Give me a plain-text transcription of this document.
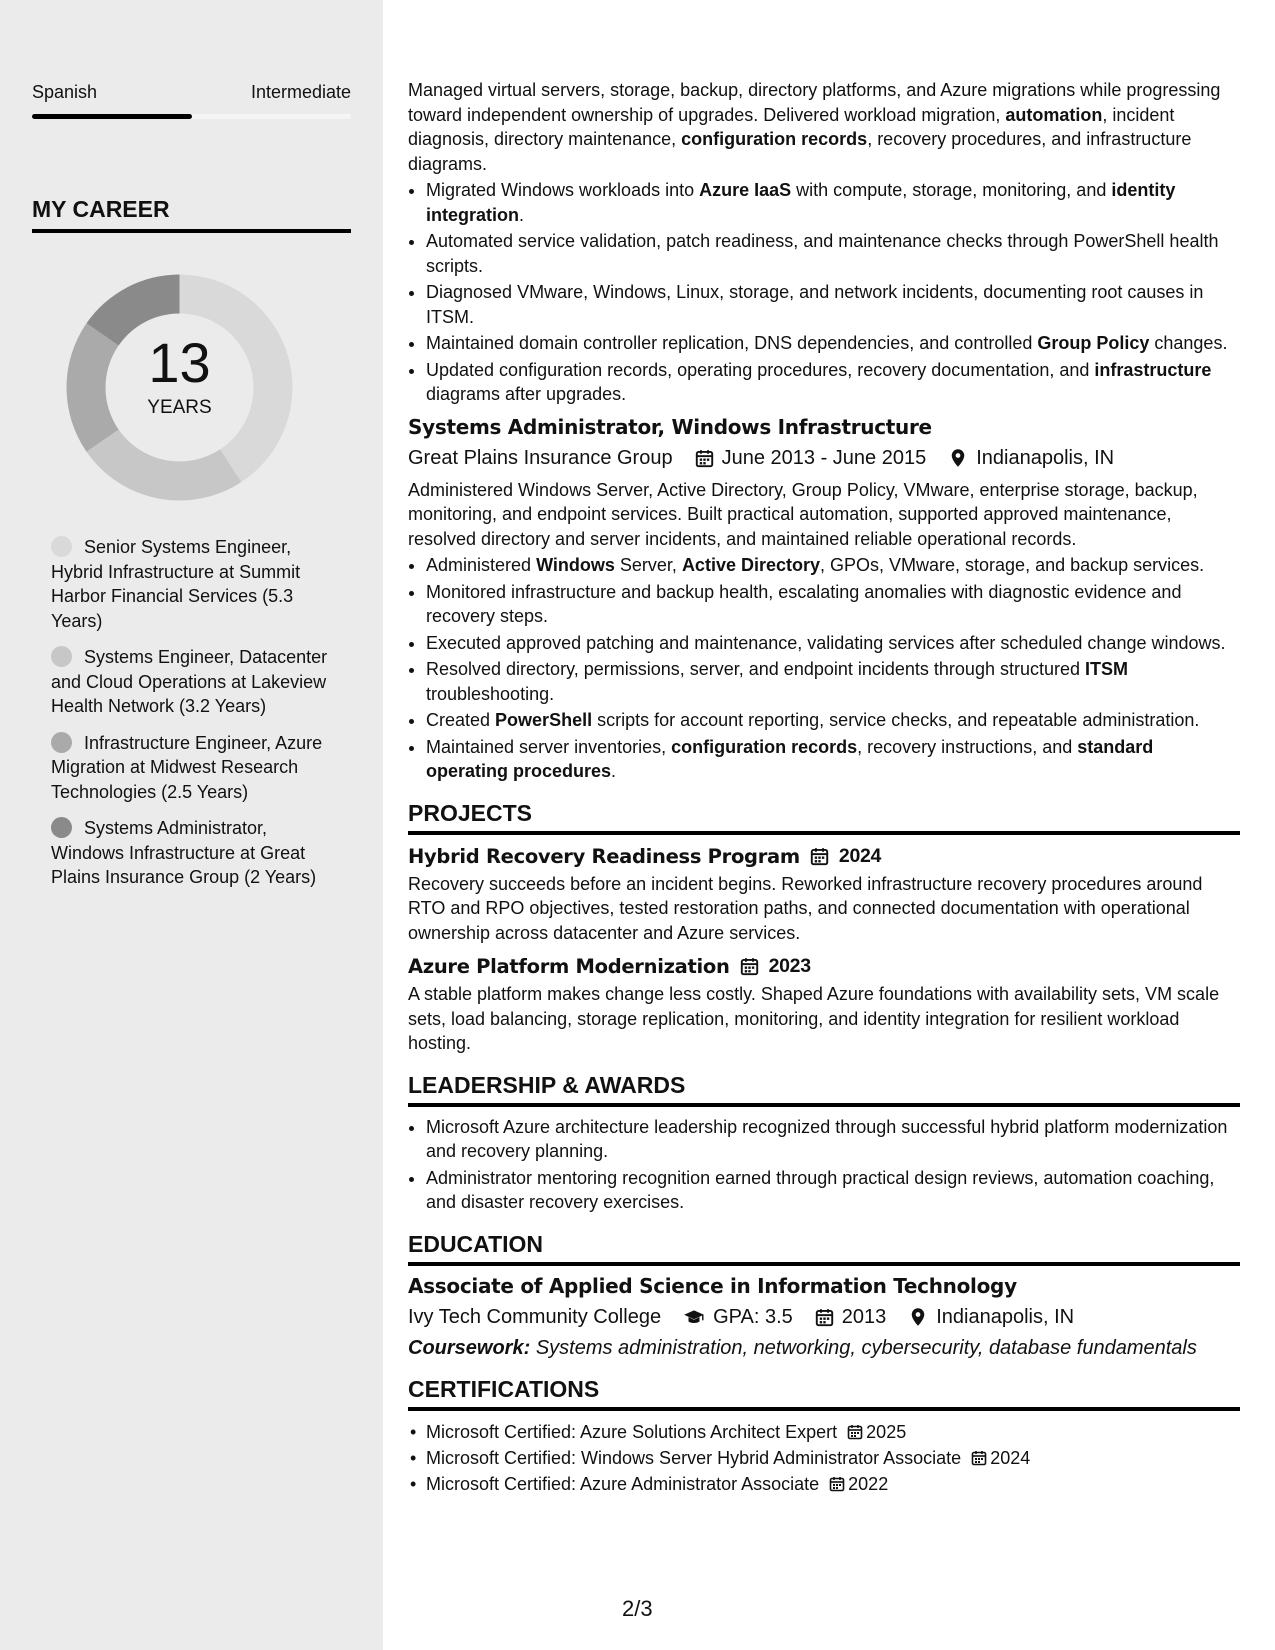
Spanish	Intermediate
MY CAREER
13
YEARS
Senior Systems Engineer, Hybrid Infrastructure at Summit Harbor Financial Services (5.3 Years)
Systems Engineer, Datacenter and Cloud Operations at Lakeview Health Network (3.2 Years)
Infrastructure Engineer, Azure Migration at Midwest Research Technologies (2.5 Years)
Systems Administrator, Windows Infrastructure at Great Plains Insurance Group (2 Years)

Managed virtual servers, storage, backup, directory platforms, and Azure migrations while progressing toward independent ownership of upgrades. Delivered workload migration, automation, incident diagnosis, directory maintenance, configuration records, recovery procedures, and infrastructure diagrams.

• Migrated Windows workloads into Azure IaaS with compute, storage, monitoring, and identity integration.
• Automated service validation, patch readiness, and maintenance checks through PowerShell health scripts.
• Diagnosed VMware, Windows, Linux, storage, and network incidents, documenting root causes in ITSM.
• Maintained domain controller replication, DNS dependencies, and controlled Group Policy changes.
• Updated configuration records, operating procedures, recovery documentation, and infrastructure diagrams after upgrades.
Systems Administrator, Windows Infrastructure
Great Plains Insurance Group June 2013 - June 2015	Indianapolis, IN

Administered Windows Server, Active Directory, Group Policy, VMware, enterprise storage, backup, monitoring, and endpoint services. Built practical automation, supported approved maintenance, resolved directory and server incidents, and maintained reliable operational records.

• Administered Windows Server, Active Directory, GPOs, VMware, storage, and backup services.
• Monitored infrastructure and backup health, escalating anomalies with diagnostic evidence and recovery steps.
• Executed approved patching and maintenance, validating services after scheduled change windows.
• Resolved directory, permissions, server, and endpoint incidents through structured ITSM troubleshooting.
• Created PowerShell scripts for account reporting, service checks, and repeatable administration.
• Maintained server inventories, configuration records, recovery instructions, and standard operating procedures.
PROJECTS
Hybrid Recovery Readiness Program 2024

Recovery succeeds before an incident begins. Reworked infrastructure recovery procedures around RTO and RPO objectives, tested restoration paths, and connected documentation with operational ownership across datacenter and Azure services.

Azure Platform Modernization 2023

A stable platform makes change less costly. Shaped Azure foundations with availability sets, VM scale sets, load balancing, storage replication, monitoring, and identity integration for resilient workload hosting.

LEADERSHIP & AWARDS
• Microsoft Azure architecture leadership recognized through successful hybrid platform modernization and recovery planning.
• Administrator mentoring recognition earned through practical design reviews, automation coaching, and disaster recovery exercises.
EDUCATION
Associate of Applied Science in Information Technology
Ivy Tech Community College	GPA: 3.5 2013	Indianapolis, IN
Coursework: Systems administration, networking, cybersecurity, database fundamentals
CERTIFICATIONS
• Microsoft Certified: Azure Solutions Architect Expert 2025
• Microsoft Certified: Windows Server Hybrid Administrator Associate 2024
• Microsoft Certified: Azure Administrator Associate 2022
2/3
